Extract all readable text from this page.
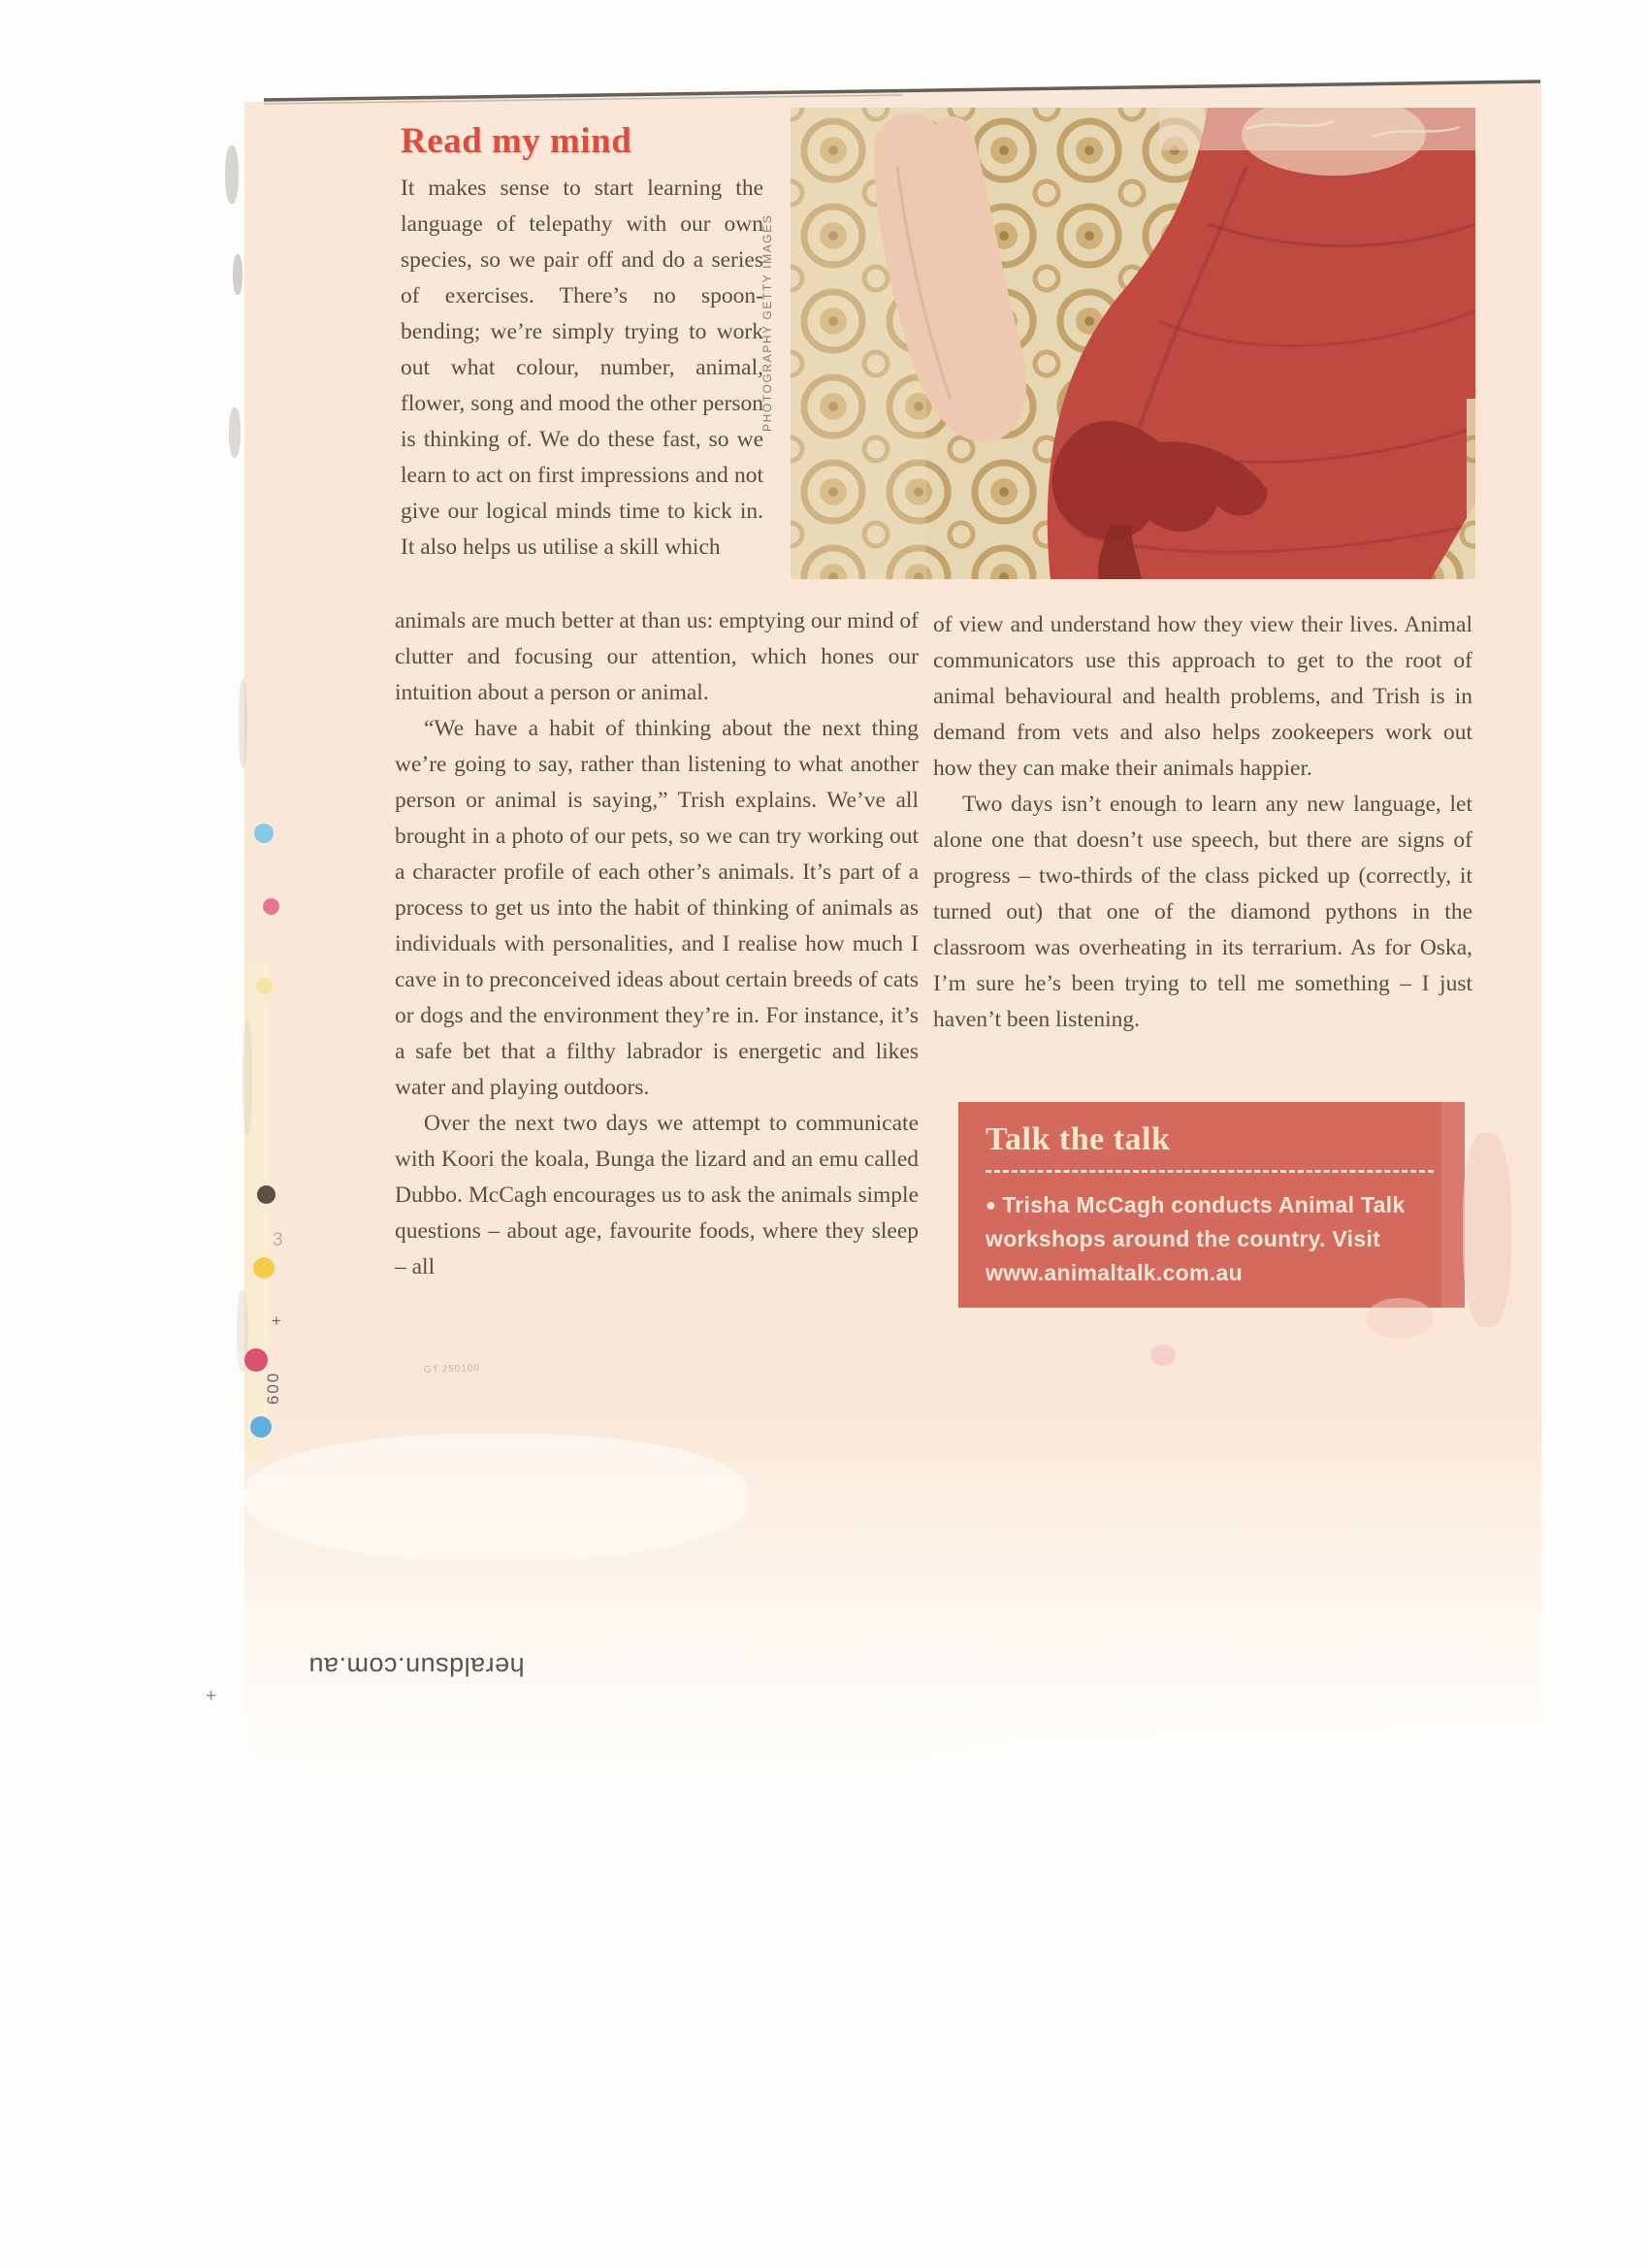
Read my mind

It makes sense to start learning the language of telepathy with our own species, so we pair off and do a series of exercises. There’s no spoon-bending; we’re simply trying to work out what colour, number, animal, flower, song and mood the other person is thinking of. We do these fast, so we learn to act on first impressions and not give our logical minds time to kick in. It also helps us utilise a skill which

animals are much better at than us: emptying our mind of clutter and focusing our attention, which hones our intuition about a person or animal.

“We have a habit of thinking about the next thing we’re going to say, rather than listening to what another person or animal is saying,” Trish explains. We’ve all brought in a photo of our pets, so we can try working out a character profile of each other’s animals. It’s part of a process to get us into the habit of thinking of animals as individuals with personalities, and I realise how much I cave in to preconceived ideas about certain breeds of cats or dogs and the environment they’re in. For instance, it’s a safe bet that a filthy labrador is energetic and likes water and playing outdoors.

Over the next two days we attempt to communicate with Koori the koala, Bunga the lizard and an emu called Dubbo. McCagh encourages us to ask the animals simple questions – about age, favourite foods, where they sleep – all

of view and understand how they view their lives. Animal communicators use this approach to get to the root of animal behavioural and health problems, and Trish is in demand from vets and also helps zookeepers work out how they can make their animals happier.

Two days isn’t enough to learn any new language, let alone one that doesn’t use speech, but there are signs of progress – two-thirds of the class picked up (correctly, it turned out) that one of the diamond pythons in the classroom was overheating in its terrarium. As for Oska, I’m sure he’s been trying to tell me something – I just haven’t been listening.

PHOTOGRAPHY GETTY IMAGES
Talk the talk
● Trisha McCagh conducts Animal Talk workshops around the country. Visit www.animaltalk.com.au
3
+
600
GT.250100
heraldsun.com.au
+
